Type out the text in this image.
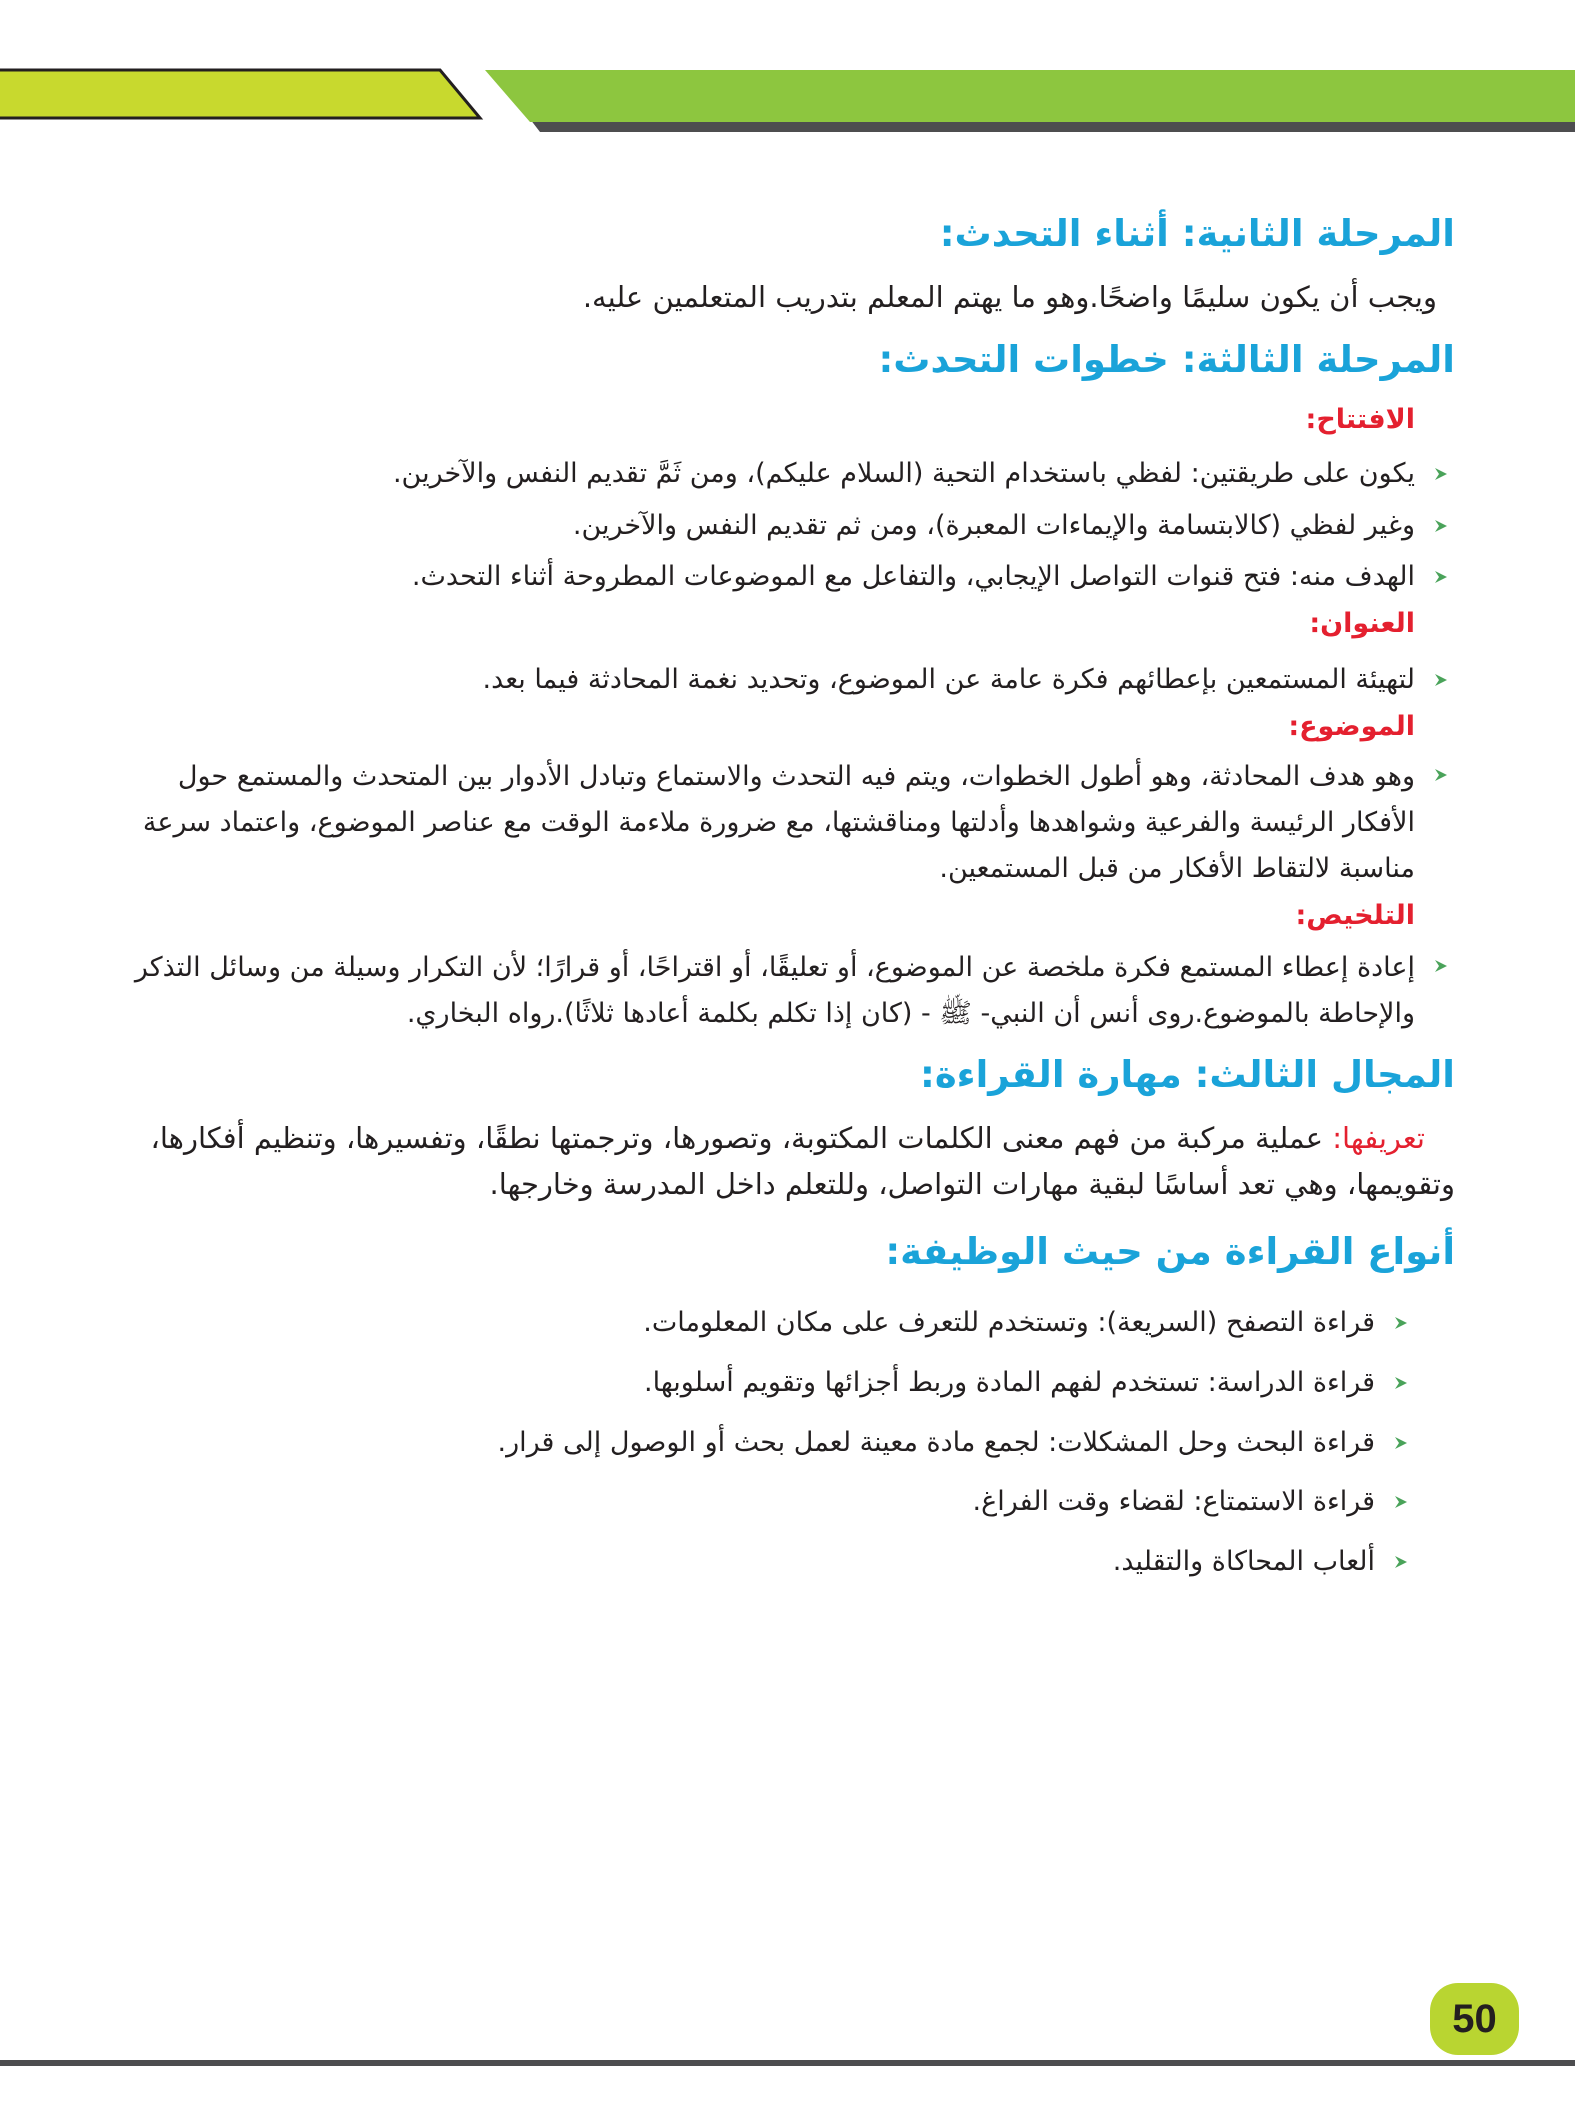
المرحلة الثانية: أثناء التحدث:

ويجب أن يكون سليمًا واضحًا.وهو ما يهتم المعلم بتدريب المتعلمين عليه.

المرحلة الثالثة: خطوات التحدث:
الافتتاح:
يكون على طريقتين: لفظي باستخدام التحية (السلام عليكم)، ومن ثَمَّ تقديم النفس والآخرين.
وغير لفظي (كالابتسامة والإيماءات المعبرة)، ومن ثم تقديم النفس والآخرين.
الهدف منه: فتح قنوات التواصل الإيجابي، والتفاعل مع الموضوعات المطروحة أثناء التحدث.
العنوان:
لتهيئة المستمعين بإعطائهم فكرة عامة عن الموضوع، وتحديد نغمة المحادثة فيما بعد.
الموضوع:
وهو هدف المحادثة، وهو أطول الخطوات، ويتم فيه التحدث والاستماع وتبادل الأدوار بين المتحدث والمستمع حول الأفكار الرئيسة والفرعية وشواهدها وأدلتها ومناقشتها، مع ضرورة ملاءمة الوقت مع عناصر الموضوع، واعتماد سرعة مناسبة لالتقاط الأفكار من قبل المستمعين.
التلخيص:
إعادة إعطاء المستمع فكرة ملخصة عن الموضوع، أو تعليقًا، أو اقتراحًا، أو قرارًا؛ لأن التكرار وسيلة من وسائل التذكر والإحاطة بالموضوع.روى أنس أن النبي- ﷺ - (كان إذا تكلم بكلمة أعادها ثلاثًا).رواه البخاري.
المجال الثالث: مهارة القراءة:

تعريفها: عملية مركبة من فهم معنى الكلمات المكتوبة، وتصورها، وترجمتها نطقًا، وتفسيرها، وتنظيم أفكارها، وتقويمها، وهي تعد أساسًا لبقية مهارات التواصل، وللتعلم داخل المدرسة وخارجها.

أنواع القراءة من حيث الوظيفة:
قراءة التصفح (السريعة): وتستخدم للتعرف على مكان المعلومات.
قراءة الدراسة: تستخدم لفهم المادة وربط أجزائها وتقويم أسلوبها.
قراءة البحث وحل المشكلات: لجمع مادة معينة لعمل بحث أو الوصول إلى قرار.
قراءة الاستمتاع: لقضاء وقت الفراغ.
ألعاب المحاكاة والتقليد.
50
